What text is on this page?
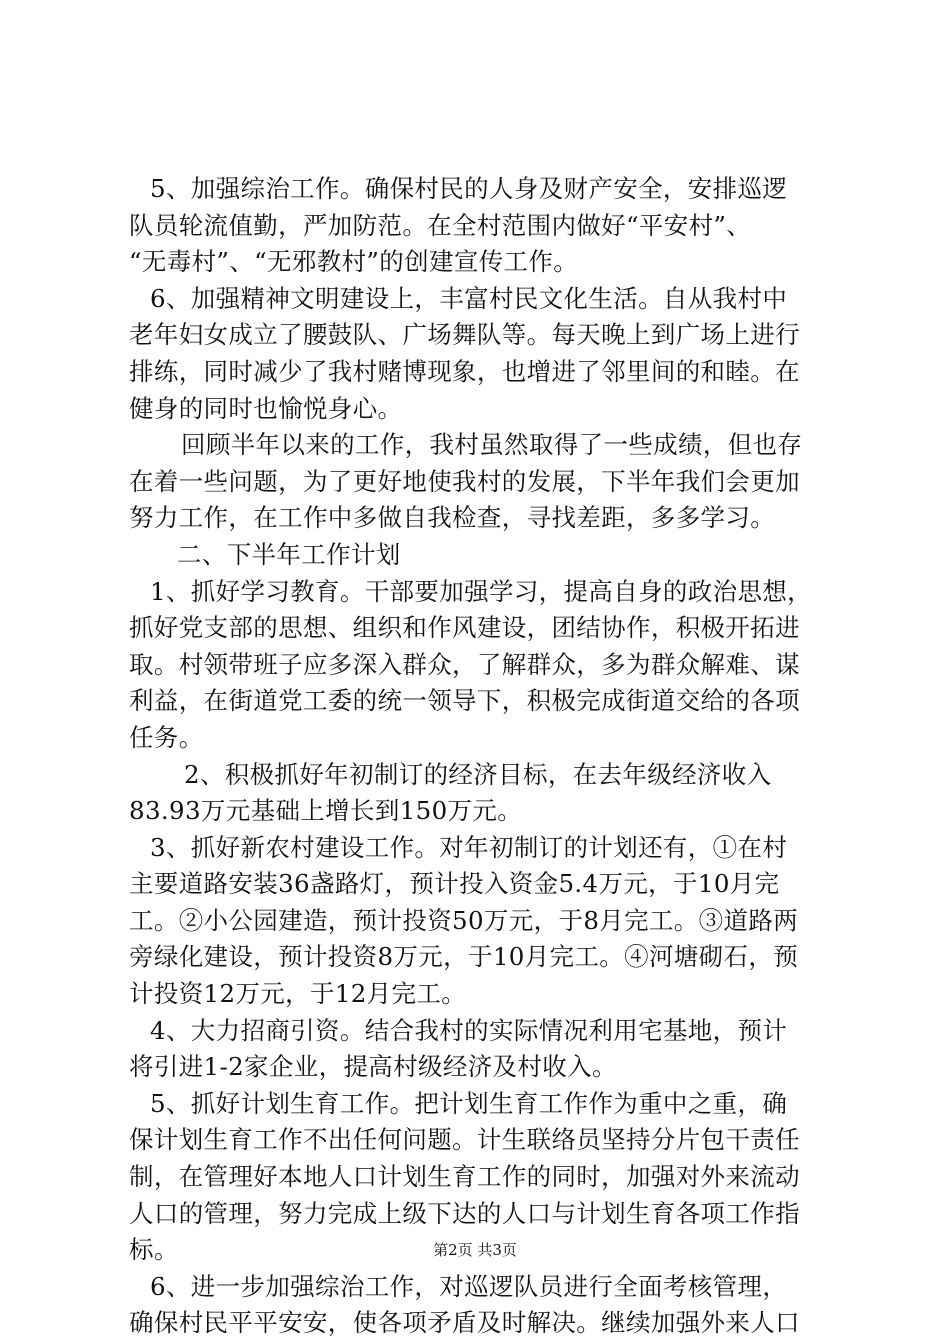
5、加强综治工作。确保村民的人身及财产安全，安排巡逻
队员轮流值勤，严加防范。在全村范围内做好“平安村”、
“无毒村”、“无邪教村”的创建宣传工作。
6、加强精神文明建设上，丰富村民文化生活。自从我村中
老年妇女成立了腰鼓队、广场舞队等。每天晚上到广场上进行
排练，同时减少了我村赌博现象，也增进了邻里间的和睦。在
健身的同时也愉悦身心。
回顾半年以来的工作，我村虽然取得了一些成绩，但也存
在着一些问题，为了更好地使我村的发展，下半年我们会更加
努力工作，在工作中多做自我检查，寻找差距，多多学习。
二、下半年工作计划
1、抓好学习教育。干部要加强学习，提高自身的政治思想，
抓好党支部的思想、组织和作风建设，团结协作，积极开拓进
取。村领带班子应多深入群众，了解群众，多为群众解难、谋
利益，在街道党工委的统一领导下，积极完成街道交给的各项
任务。
2、积极抓好年初制订的经济目标，在去年级经济收入
83.93万元基础上增长到150万元。
3、抓好新农村建设工作。对年初制订的计划还有，①在村
主要道路安装36盏路灯，预计投入资金5.4万元，于10月完
工。②小公园建造，预计投资50万元，于8月完工。③道路两
旁绿化建设，预计投资8万元，于10月完工。④河塘砌石，预
计投资12万元，于12月完工。
4、大力招商引资。结合我村的实际情况利用宅基地，预计
将引进1-2家企业，提高村级经济及村收入。
5、抓好计划生育工作。把计划生育工作作为重中之重，确
保计划生育工作不出任何问题。计生联络员坚持分片包干责任
制，在管理好本地人口计划生育工作的同时，加强对外来流动
人口的管理，努力完成上级下达的人口与计划生育各项工作指
标。
6、进一步加强综治工作，对巡逻队员进行全面考核管理，
确保村民平平安安，使各项矛盾及时解决。继续加强外来人口
第2页 共3页
